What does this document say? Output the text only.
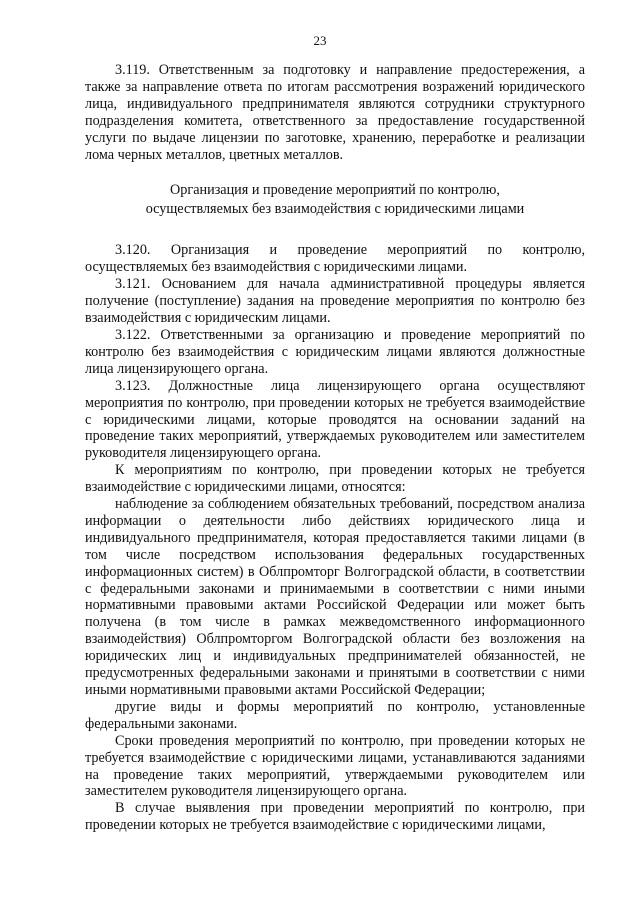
23

3.119. Ответственным за подготовку и направление предостережения, а также за направление ответа по итогам рассмотрения возражений юридического лица, индивидуального предпринимателя являются сотрудники структурного подразделения комитета, ответственного за предоставление государственной услуги по выдаче лицензии по заготовке, хранению, переработке и реализации лома черных металлов, цветных металлов.

Организация и проведение мероприятий по контролю,
осуществляемых без взаимодействия с юридическими лицами

3.120. Организация и проведение мероприятий по контролю, осуществляемых без взаимодействия с юридическими лицами.

3.121. Основанием для начала административной процедуры является получение (поступление) задания на проведение мероприятия по контролю без взаимодействия с юридическим лицами.

3.122. Ответственными за организацию и проведение мероприятий по контролю без взаимодействия с юридическим лицами являются должностные лица лицензирующего органа.

3.123. Должностные лица лицензирующего органа осуществляют мероприятия по контролю, при проведении которых не требуется взаимодействие с юридическими лицами, которые проводятся на основании заданий на проведение таких мероприятий, утверждаемых руководителем или заместителем руководителя лицензирующего органа.

К мероприятиям по контролю, при проведении которых не требуется взаимодействие с юридическими лицами, относятся:

наблюдение за соблюдением обязательных требований, посредством анализа информации о деятельности либо действиях юридического лица и индивидуального предпринимателя, которая предоставляется такими лицами (в том числе посредством использования федеральных государственных информационных систем) в Облпромторг Волгоградской области, в соответствии с федеральными законами и принимаемыми в соответствии с ними иными нормативными правовыми актами Российской Федерации или может быть получена (в том числе в рамках межведомственного информационного взаимодействия) Облпромторгом Волгоградской области без возложения на юридических лиц и индивидуальных предпринимателей обязанностей, не предусмотренных федеральными законами и принятыми в соответствии с ними иными нормативными правовыми актами Российской Федерации;

другие виды и формы мероприятий по контролю, установленные федеральными законами.

Сроки проведения мероприятий по контролю, при проведении которых не требуется взаимодействие с юридическими лицами, устанавливаются заданиями на проведение таких мероприятий, утверждаемыми руководителем или заместителем руководителя лицензирующего органа.

В случае выявления при проведении мероприятий по контролю, при проведении которых не требуется взаимодействие с юридическими лицами,
